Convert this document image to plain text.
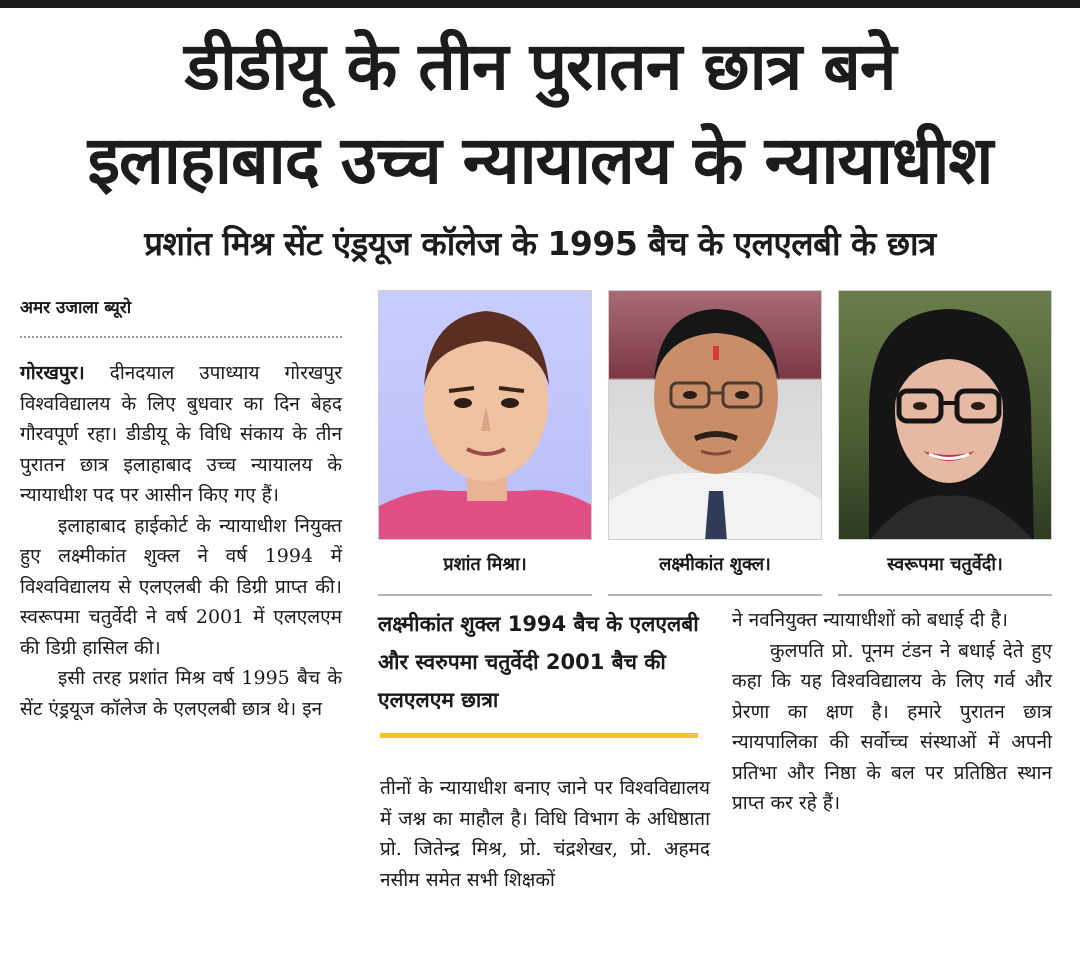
डीडीयू के तीन पुरातन छात्र बने
इलाहाबाद उच्च न्यायालय के न्यायाधीश
प्रशांत मिश्र सेंट एंड्रयूज कॉलेज के 1995 बैच के एलएलबी के छात्र
अमर उजाला ब्यूरो

गोरखपुर। दीनदयाल उपाध्याय गोरखपुर विश्वविद्यालय के लिए बुधवार का दिन बेहद गौरवपूर्ण रहा। डीडीयू के विधि संकाय के तीन पुरातन छात्र इलाहाबाद उच्च न्यायालय के न्यायाधीश पद पर आसीन किए गए हैं।

इलाहाबाद हाईकोर्ट के न्यायाधीश नियुक्त हुए लक्ष्मीकांत शुक्ल ने वर्ष 1994 में विश्वविद्यालय से एलएलबी की डिग्री प्राप्त की। स्वरूपमा चतुर्वेदी ने वर्ष 2001 में एलएलएम की डिग्री हासिल की।

इसी तरह प्रशांत मिश्र वर्ष 1995 बैच के सेंट एंड्रयूज कॉलेज के एलएलबी छात्र थे। इन

प्रशांत मिश्रा।	लक्ष्मीकांत शुक्ल।	स्वरूपमा चतुर्वेदी।
लक्ष्मीकांत शुक्ल 1994 बैच के एलएलबी और स्वरुपमा चतुर्वेदी 2001 बैच की एलएलएम छात्रा

तीनों के न्यायाधीश बनाए जाने पर विश्वविद्यालय में जश्न का माहौल है। विधि विभाग के अधिष्ठाता प्रो. जितेन्द्र मिश्र, प्रो. चंद्रशेखर, प्रो. अहमद नसीम समेत सभी शिक्षकों

ने नवनियुक्त न्यायाधीशों को बधाई दी है।

कुलपति प्रो. पूनम टंडन ने बधाई देते हुए कहा कि यह विश्वविद्यालय के लिए गर्व और प्रेरणा का क्षण है। हमारे पुरातन छात्र न्यायपालिका की सर्वोच्च संस्थाओं में अपनी प्रतिभा और निष्ठा के बल पर प्रतिष्ठित स्थान प्राप्त कर रहे हैं।
